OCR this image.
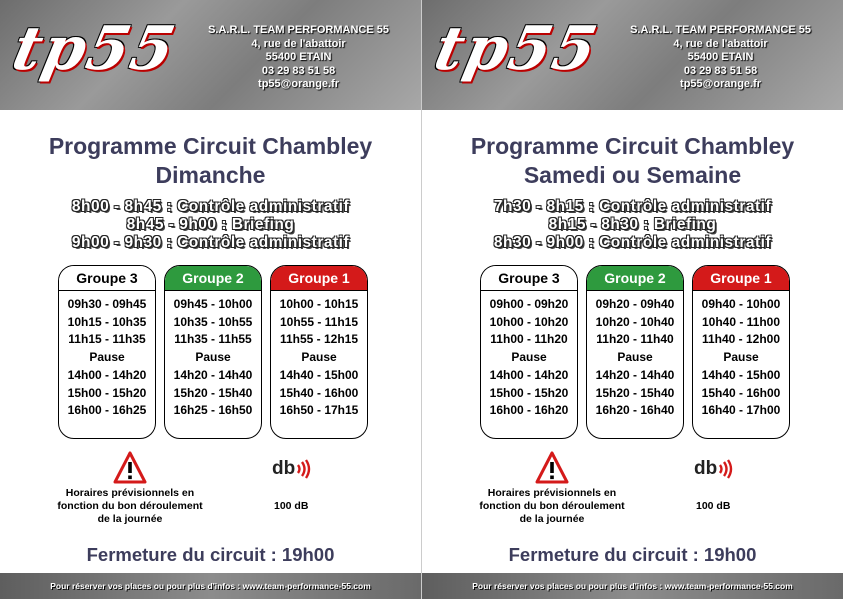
tp55 S.A.R.L. TEAM PERFORMANCE 55
4, rue de l'abattoir
55400 ETAIN
03 29 83 51 58
tp55@orange.fr
Programme Circuit Chambley
Dimanche
8h00 - 8h45 : Contrôle administratif
8h45 - 9h00 : Briefing
9h00 - 9h30 : Contrôle administratif
Groupe 3
09h30 - 09h45
10h15 - 10h35
11h15 - 11h35
Pause
14h00 - 14h20
15h00 - 15h20
16h00 - 16h25
Groupe 2
09h45 - 10h00
10h35 - 10h55
11h35 - 11h55
Pause
14h20 - 14h40
15h20 - 15h40
16h25 - 16h50
Groupe 1
10h00 - 10h15
10h55 - 11h15
11h55 - 12h15
Pause
14h40 - 15h00
15h40 - 16h00
16h50 - 17h15
Horaires prévisionnels en
fonction du bon déroulement
de la journée
db
100 dB
Fermeture du circuit : 19h00
Pour réserver vos places ou pour plus d'infos : www.team-performance-55.com
tp55 S.A.R.L. TEAM PERFORMANCE 55
4, rue de l'abattoir
55400 ETAIN
03 29 83 51 58
tp55@orange.fr
Programme Circuit Chambley
Samedi ou Semaine
7h30 - 8h15 : Contrôle administratif
8h15 - 8h30 : Briefing
8h30 - 9h00 : Contrôle administratif
Groupe 3
09h00 - 09h20
10h00 - 10h20
11h00 - 11h20
Pause
14h00 - 14h20
15h00 - 15h20
16h00 - 16h20
Groupe 2
09h20 - 09h40
10h20 - 10h40
11h20 - 11h40
Pause
14h20 - 14h40
15h20 - 15h40
16h20 - 16h40
Groupe 1
09h40 - 10h00
10h40 - 11h00
11h40 - 12h00
Pause
14h40 - 15h00
15h40 - 16h00
16h40 - 17h00
Horaires prévisionnels en
fonction du bon déroulement
de la journée
db
100 dB
Fermeture du circuit : 19h00
Pour réserver vos places ou pour plus d'infos : www.team-performance-55.com
